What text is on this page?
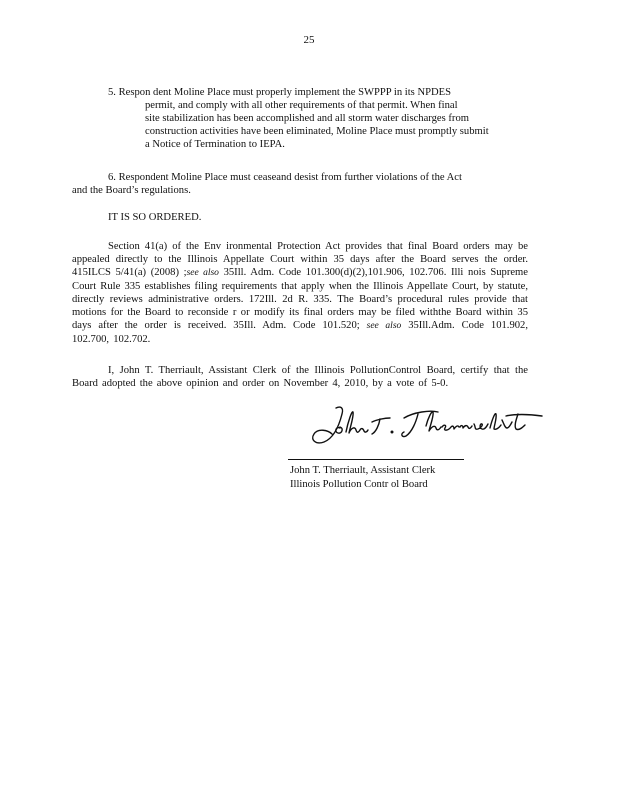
25
5. Respon dent Moline Place must properly implement the SWPPP in its NPDES
permit, and comply with all other requirements of that permit. When final
site stabilization has been accomplished and all storm water discharges from
construction activities have been eliminated, Moline Place must promptly submit
a Notice of Termination to IEPA.
6. Respondent Moline Place must ceaseand desist from further violations of the Act
and the Board’s regulations.
IT IS SO ORDERED.
Section 41(a) of the Env ironmental Protection Act provides that final Board orders may be appealed directly to the Illinois Appellate Court within 35 days after the Board serves the order. 415ILCS 5/41(a) (2008) ;see also 35Ill. Adm. Code 101.300(d)(2),101.906, 102.706. Illi nois Supreme Court Rule 335 establishes filing requirements that apply when the Illinois Appellate Court, by statute, directly reviews administrative orders. 172Ill. 2d R. 335. The Board’s procedural rules provide that motions for the Board to reconside r or modify its final orders may be filed withthe Board within 35 days after the order is received. 35Ill. Adm. Code 101.520; see also 35Ill.Adm. Code 101.902, 102.700, 102.702.
I, John T. Therriault, Assistant Clerk of the Illinois PollutionControl Board, certify that the Board adopted the above opinion and order on November 4, 2010, by a vote of 5-0.
John T. Therriault, Assistant Clerk
Illinois Pollution Contr ol Board
